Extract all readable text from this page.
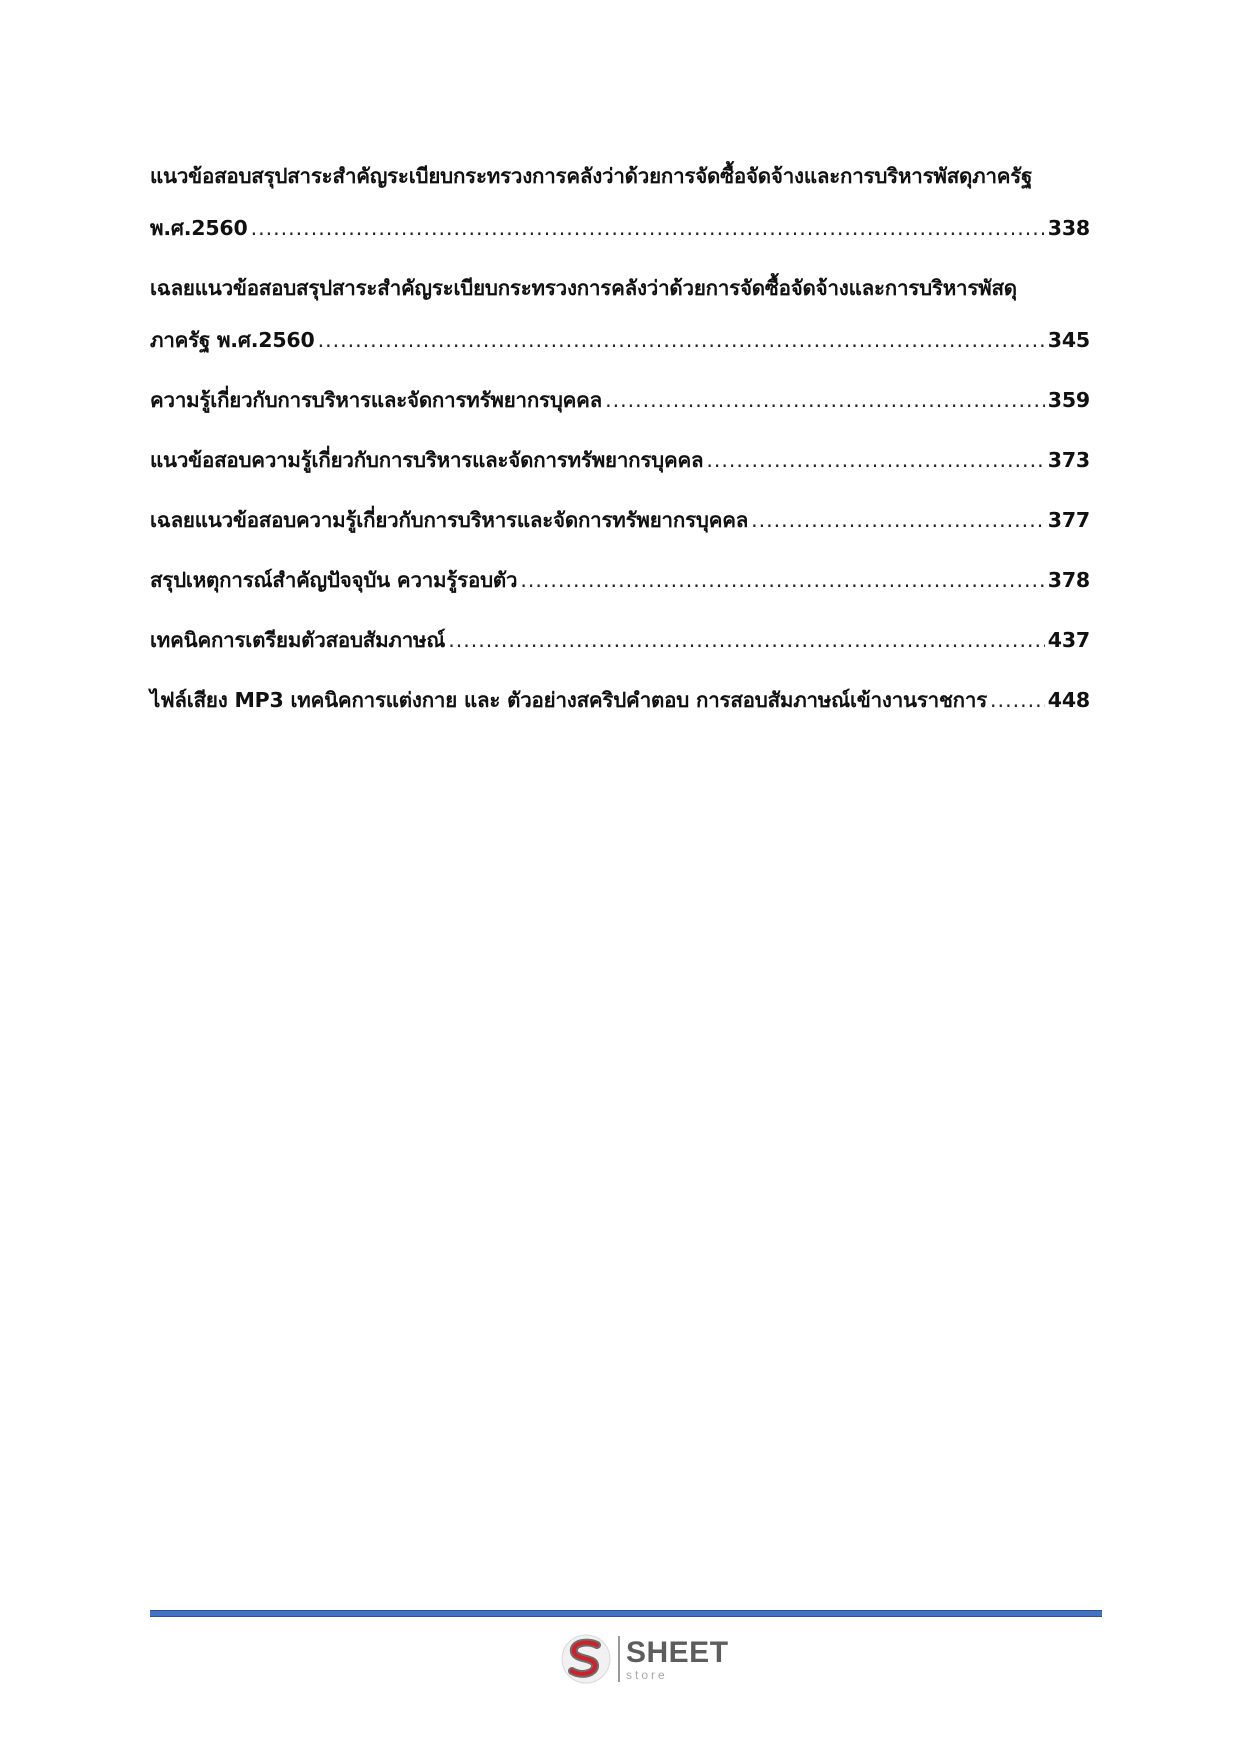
แนวข้อสอบสรุปสาระสำคัญระเบียบกระทรวงการคลังว่าด้วยการจัดซื้อจัดจ้างและการบริหารพัสดุภาครัฐ
พ.ศ.2560 .....	338
เฉลยแนวข้อสอบสรุปสาระสำคัญระเบียบกระทรวงการคลังว่าด้วยการจัดซื้อจัดจ้างและการบริหารพัสดุ
ภาครัฐ พ.ศ.2560 .....	345
ความรู้เกี่ยวกับการบริหารและจัดการทรัพยากรบุคคล .....	359
แนวข้อสอบความรู้เกี่ยวกับการบริหารและจัดการทรัพยากรบุคคล .....	373
เฉลยแนวข้อสอบความรู้เกี่ยวกับการบริหารและจัดการทรัพยากรบุคคล .....	377
สรุปเหตุการณ์สำคัญปัจจุบัน ความรู้รอบตัว .....	378
เทคนิคการเตรียมตัวสอบสัมภาษณ์ .....	437
ไฟล์เสียง MP3 เทคนิคการแต่งกาย และ ตัวอย่างสคริปคำตอบ การสอบสัมภาษณ์เข้างานราชการ .....	448
SHEET
store
